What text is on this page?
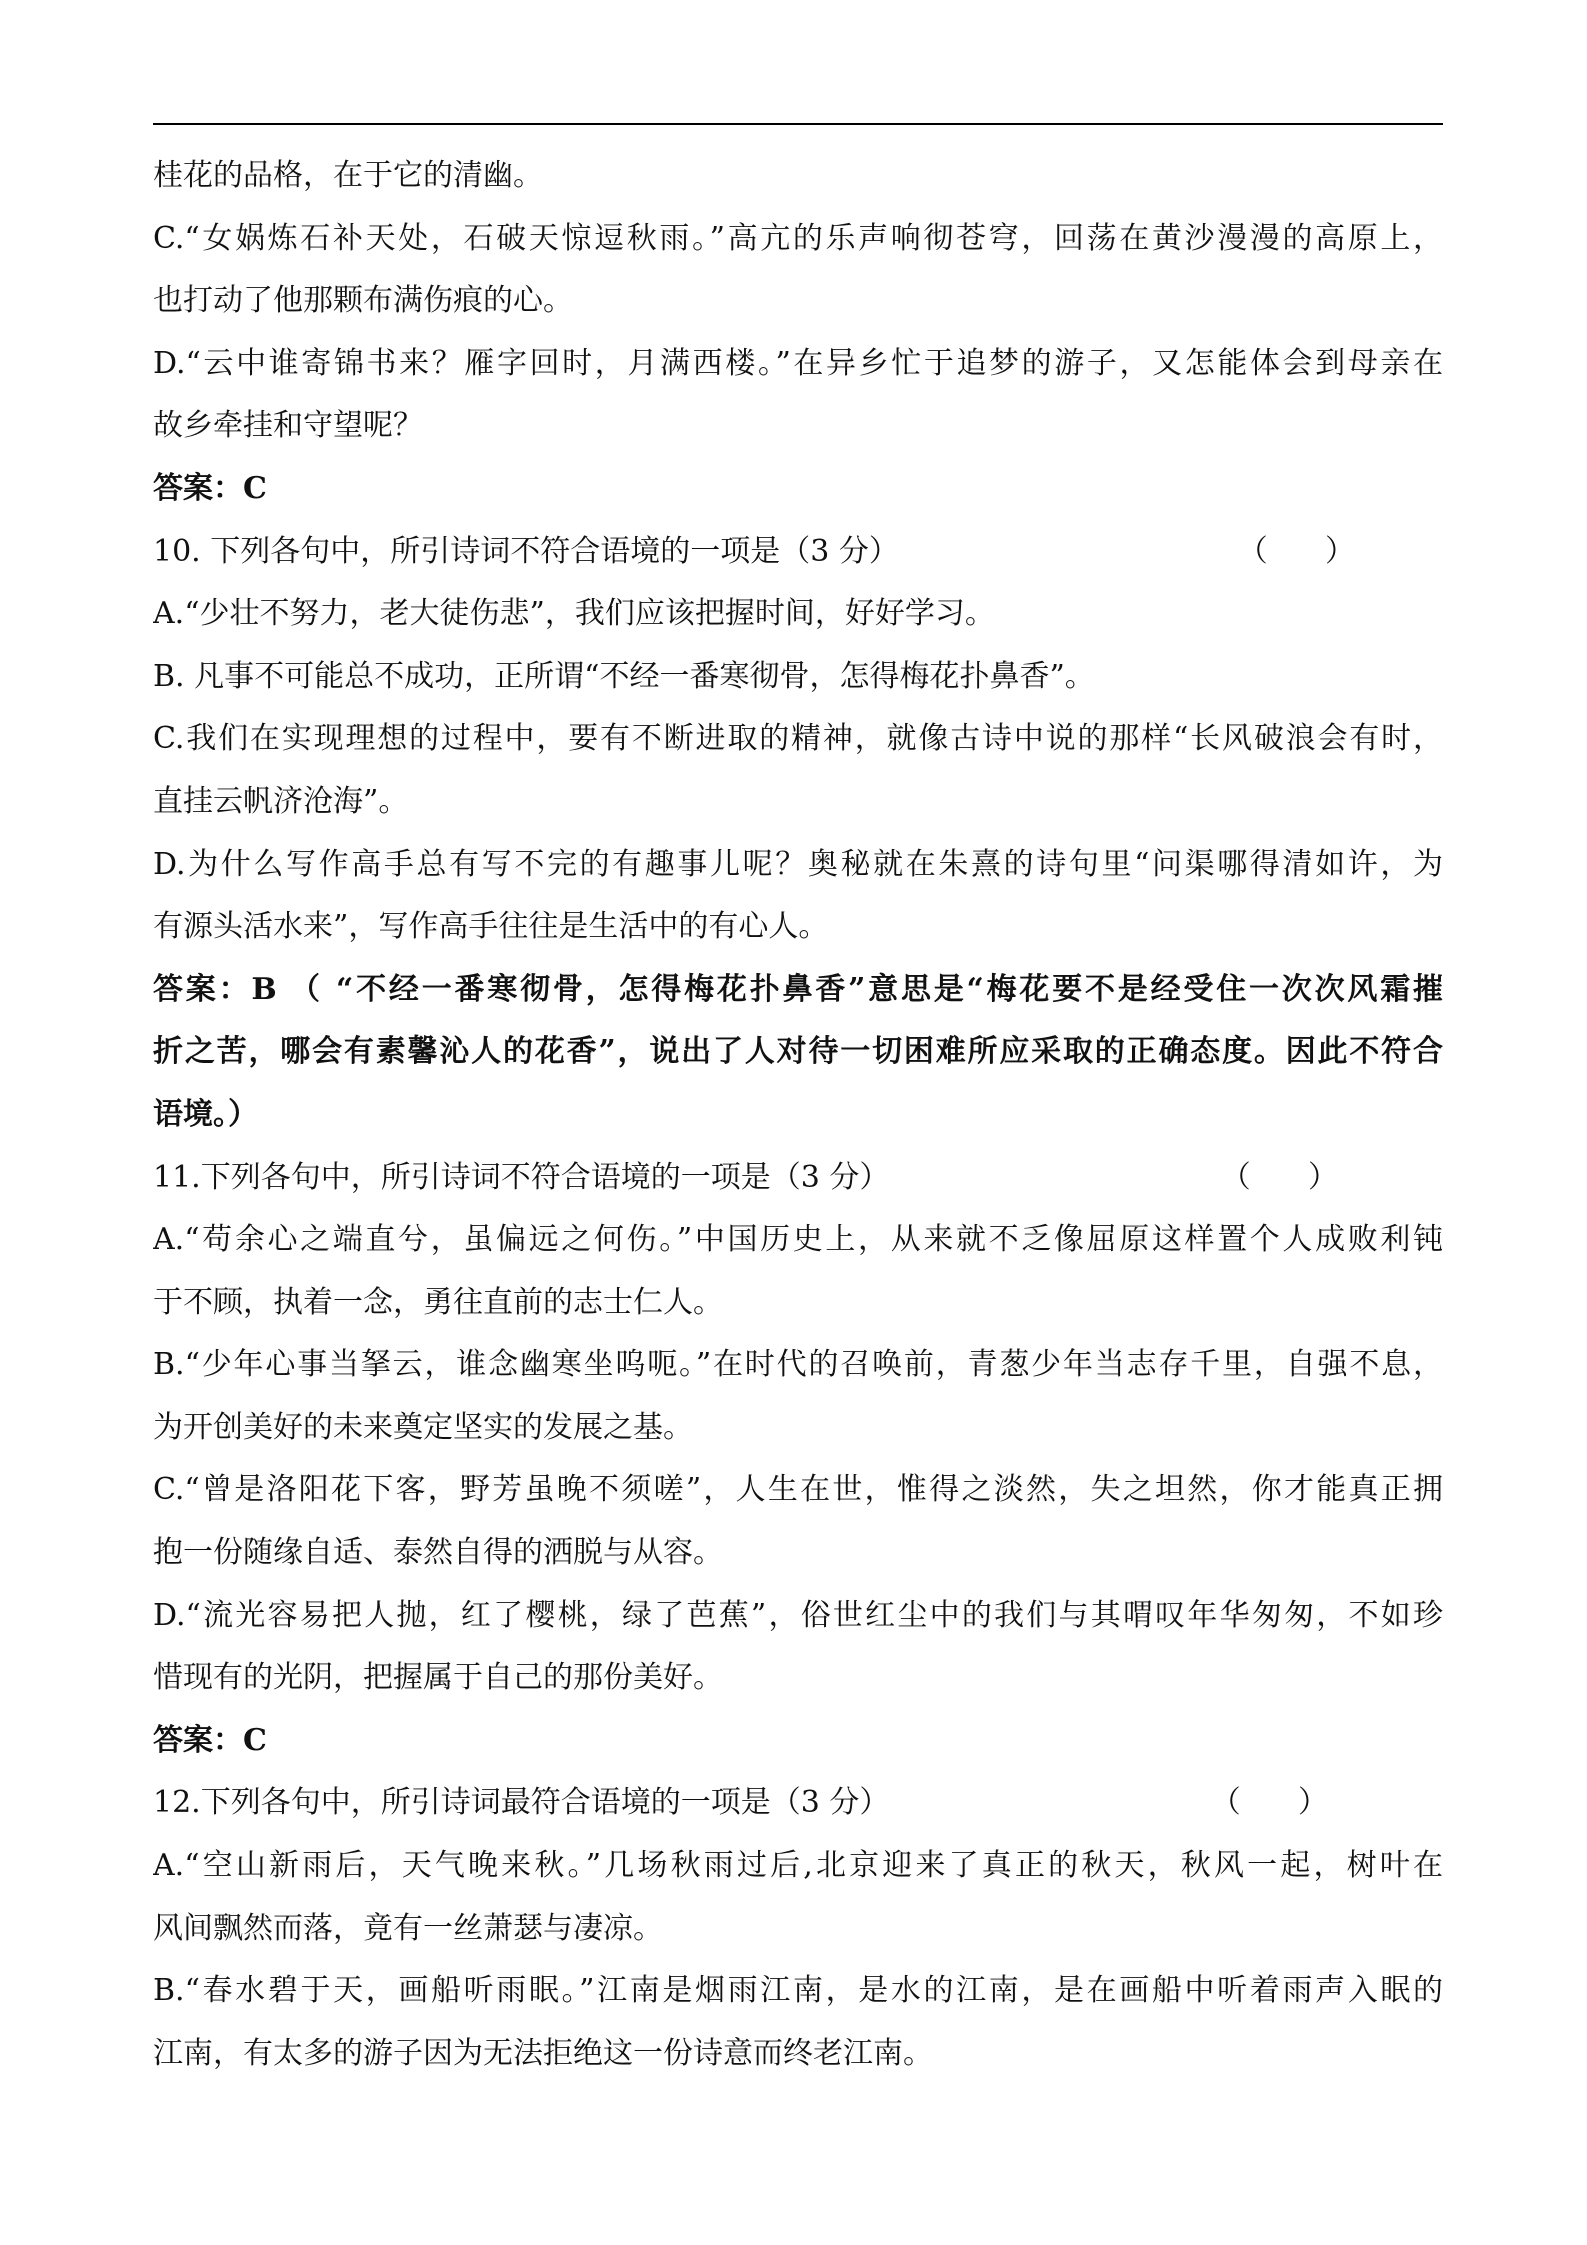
桂花的品格，在于它的清幽。
C.“女娲炼石补天处，石破天惊逗秋雨。”高亢的乐声响彻苍穹，回荡在黄沙漫漫的高原上，
也打动了他那颗布满伤痕的心。
D.“云中谁寄锦书来？雁字回时，月满西楼。”在异乡忙于追梦的游子，又怎能体会到母亲在
故乡牵挂和守望呢？
答案：C
10. 下列各句中，所引诗词不符合语境的一项是（3 分）	（      ）
A.“少壮不努力，老大徒伤悲”，我们应该把握时间，好好学习。
B. 凡事不可能总不成功，正所谓“不经一番寒彻骨，怎得梅花扑鼻香”。
C.我们在实现理想的过程中，要有不断进取的精神，就像古诗中说的那样“长风破浪会有时，
直挂云帆济沧海”。
D.为什么写作高手总有写不完的有趣事儿呢？奥秘就在朱熹的诗句里“问渠哪得清如许，为
有源头活水来”，写作高手往往是生活中的有心人。
答案：B （ “不经一番寒彻骨，怎得梅花扑鼻香”意思是“梅花要不是经受住一次次风霜摧
折之苦，哪会有素馨沁人的花香”，说出了人对待一切困难所应采取的正确态度。因此不符合
语境。）
11.下列各句中，所引诗词不符合语境的一项是（3 分）	（      ）
A.“苟余心之端直兮，虽偏远之何伤。”中国历史上，从来就不乏像屈原这样置个人成败利钝
于不顾，执着一念，勇往直前的志士仁人。
B.“少年心事当拏云，谁念幽寒坐呜呃。”在时代的召唤前，青葱少年当志存千里，自强不息，
为开创美好的未来奠定坚实的发展之基。
C.“曾是洛阳花下客，野芳虽晚不须嗟”，人生在世，惟得之淡然，失之坦然，你才能真正拥
抱一份随缘自适、泰然自得的洒脱与从容。
D.“流光容易把人抛，红了樱桃，绿了芭蕉”，俗世红尘中的我们与其喟叹年华匆匆，不如珍
惜现有的光阴，把握属于自己的那份美好。
答案：C
12.下列各句中，所引诗词最符合语境的一项是（3 分）	（      ）
A.“空山新雨后，天气晚来秋。”几场秋雨过后,北京迎来了真正的秋天，秋风一起，树叶在
风间飘然而落，竟有一丝萧瑟与凄凉。
B.“春水碧于天，画船听雨眠。”江南是烟雨江南，是水的江南，是在画船中听着雨声入眠的
江南，有太多的游子因为无法拒绝这一份诗意而终老江南。
